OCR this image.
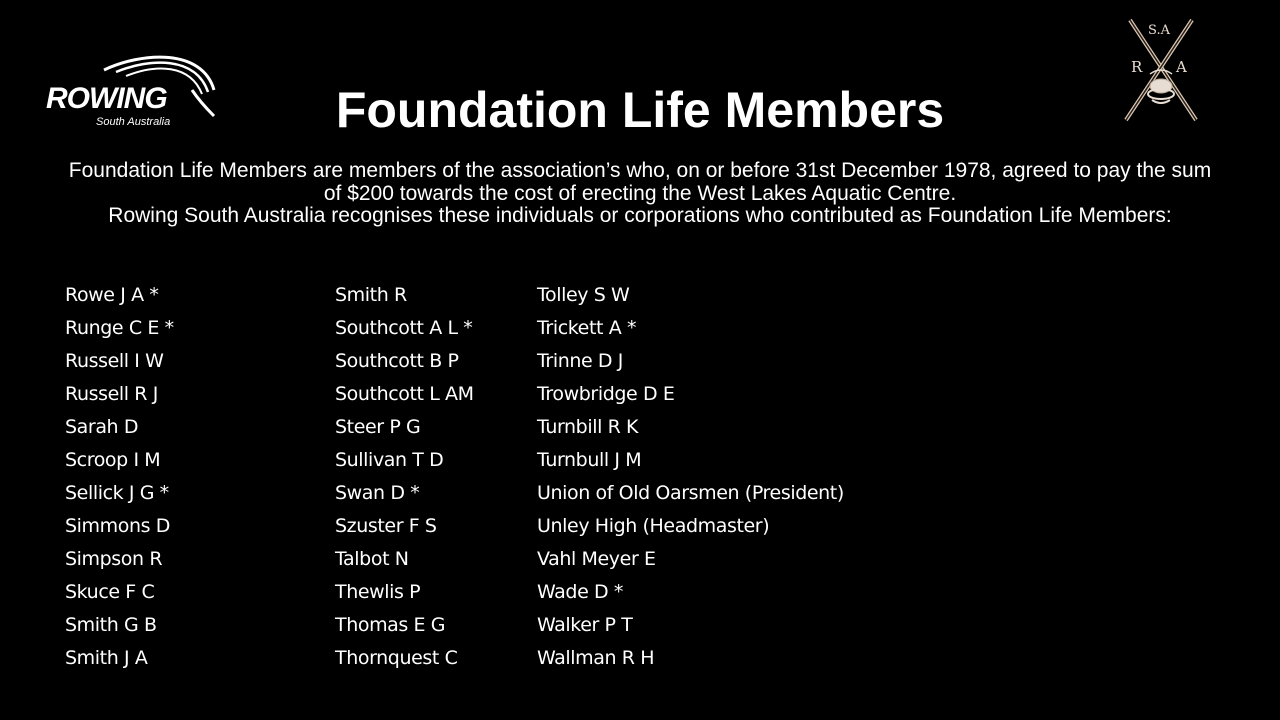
ROWING
South Australia	Foundation Life Members
S.A
R A

Foundation Life Members are members of the association’s who, on or before 31st December 1978, agreed to pay the sum of $200 towards the cost of erecting the West Lakes Aquatic Centre.

Rowing South Australia recognises these individuals or corporations who contributed as Foundation Life Members:

Rowe J A *
Runge C E *
Russell I W
Russell R J
Sarah D
Scroop I M
Sellick J G *
Simmons D
Simpson R
Skuce F C
Smith G B
Smith J A
Smith R
Southcott A L *
Southcott B P
Southcott L AM
Steer P G
Sullivan T D
Swan D *
Szuster F S
Talbot N
Thewlis P
Thomas E G
Thornquest C
Tolley S W
Trickett A *
Trinne D J
Trowbridge D E
Turnbill R K
Turnbull J M
Union of Old Oarsmen (President)
Unley High (Headmaster)
Vahl Meyer E
Wade D *
Walker P T
Wallman R H
